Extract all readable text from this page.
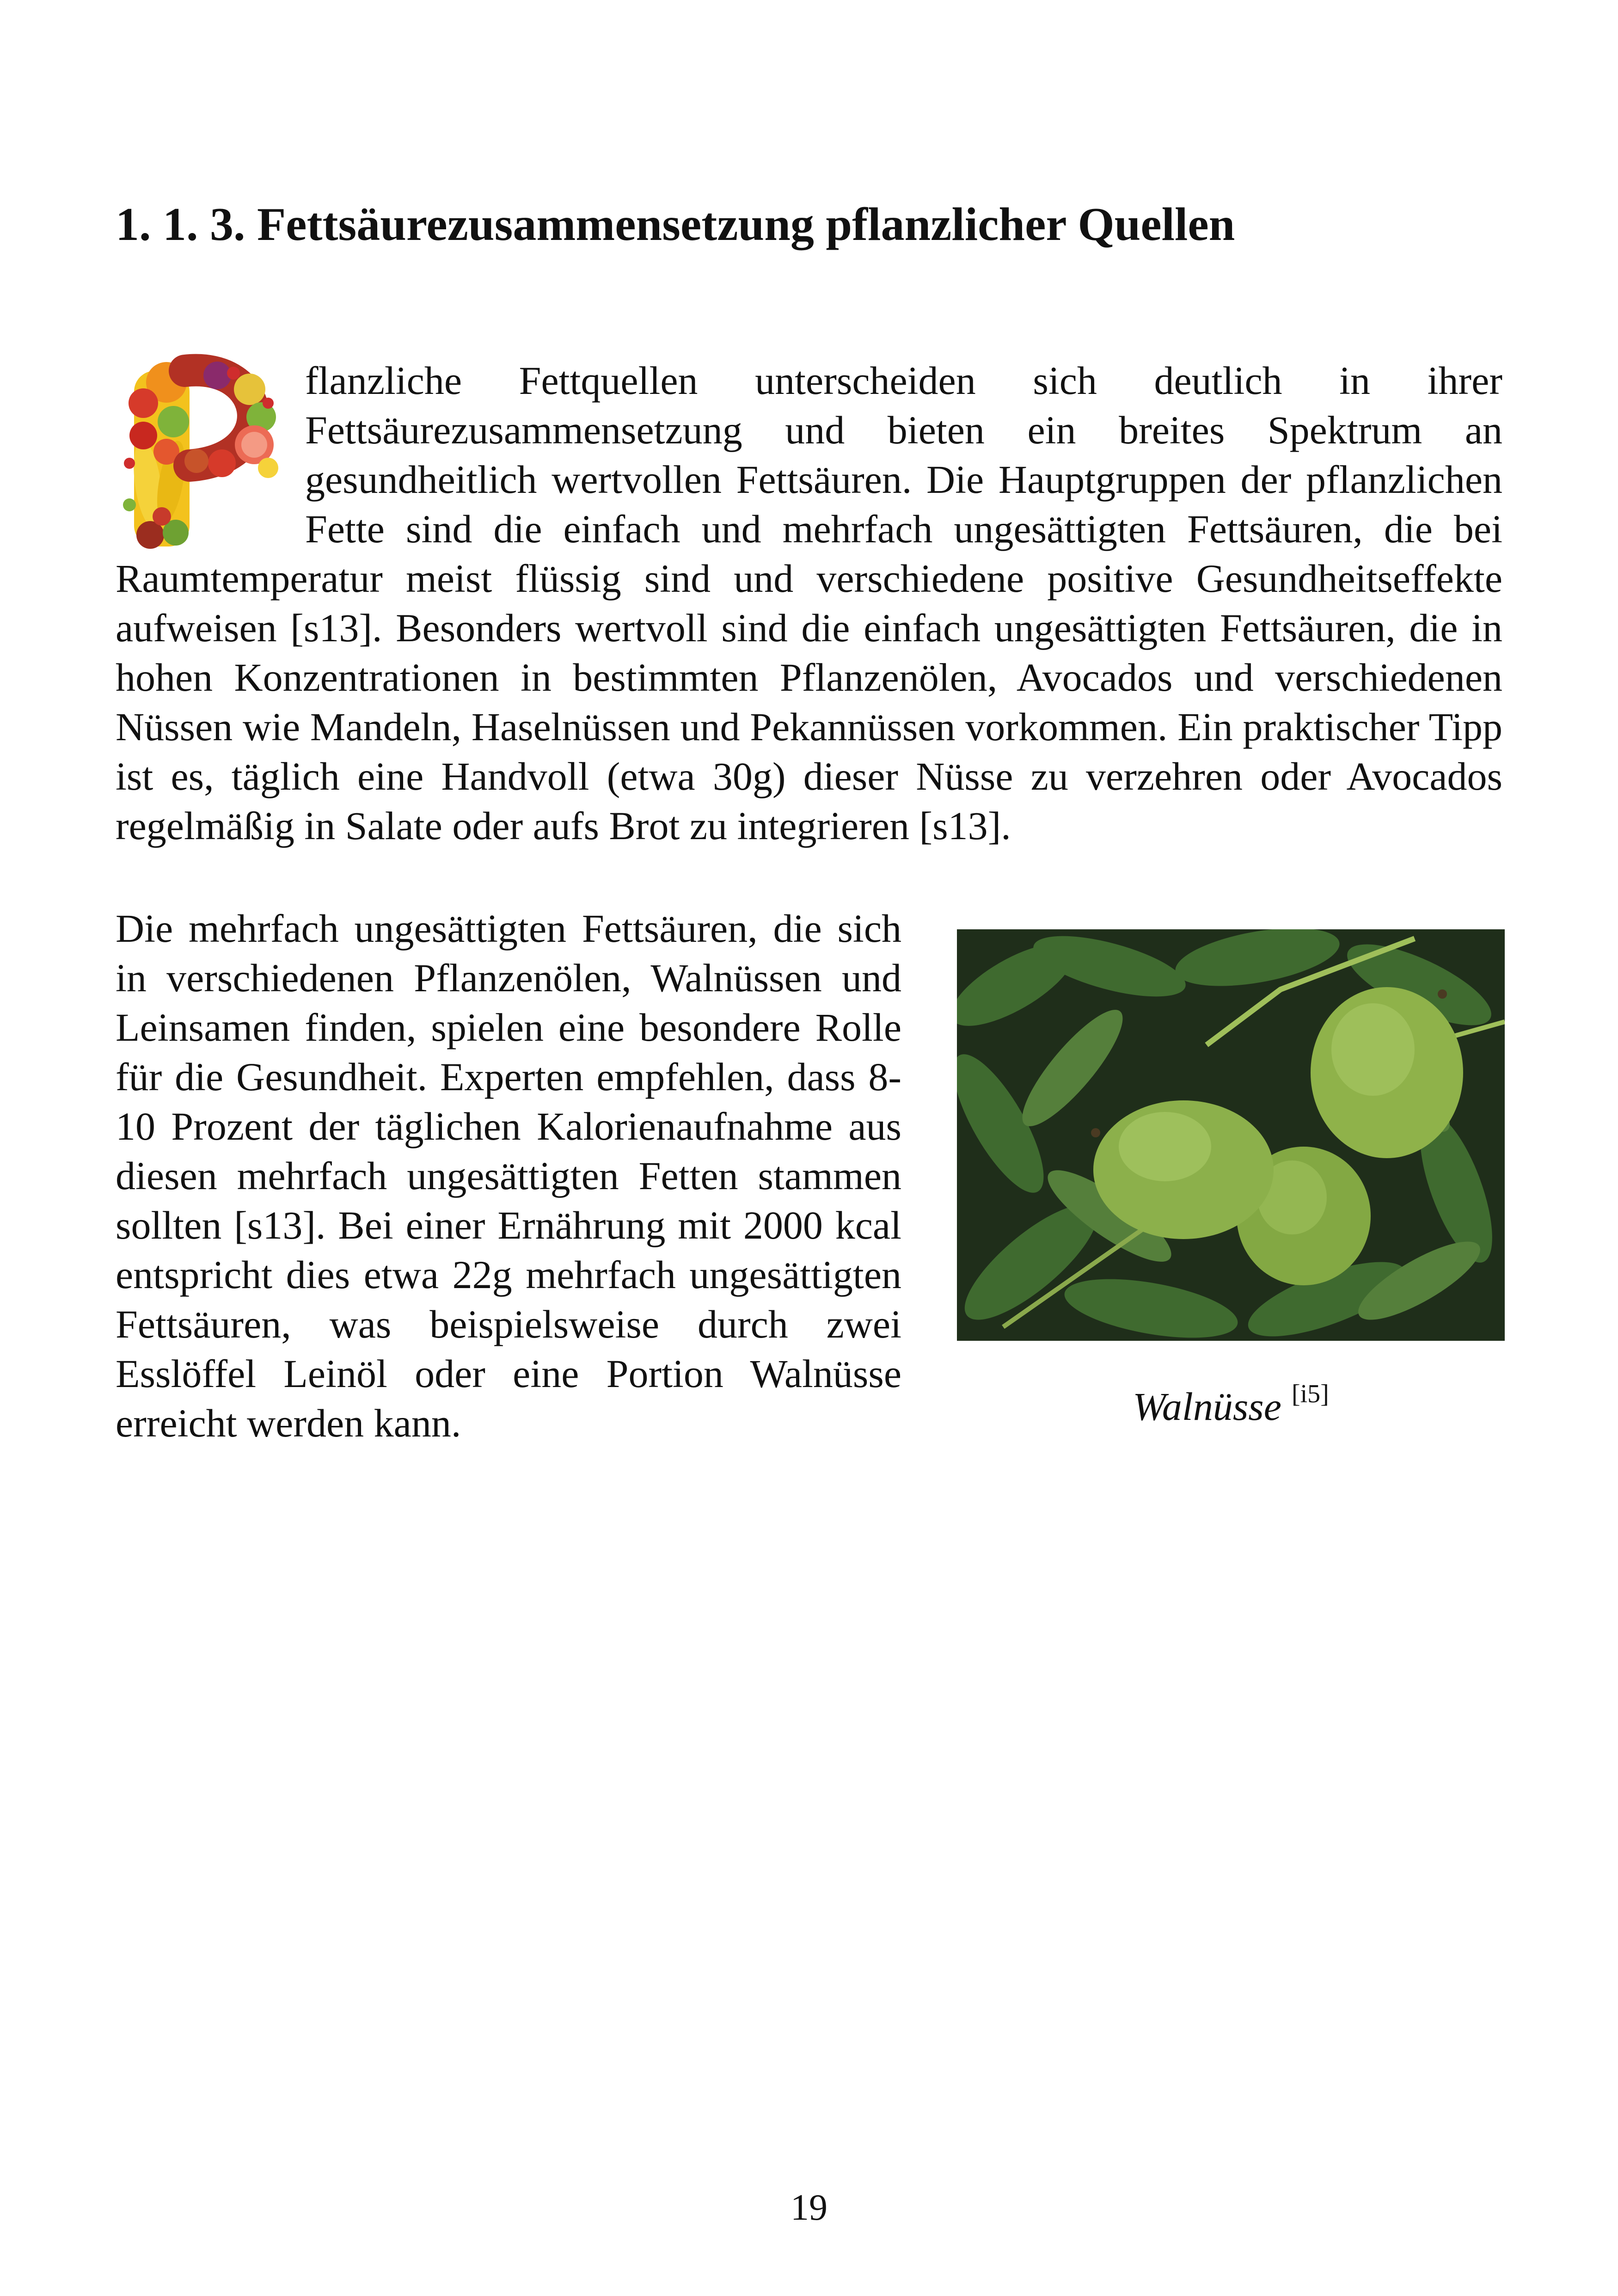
1. 1. 3. Fettsäurezusammensetzung pflanzlicher Quellen

flanzliche Fettquellen unterscheiden sich deutlich in ihrer Fettsäurezusammensetzung und bieten ein breites Spektrum an gesundheitlich wertvollen Fettsäuren. Die Hauptgruppen der pflanzlichen Fette sind die einfach und mehrfach ungesättigten Fettsäuren, die bei Raumtemperatur meist flüssig sind und verschiedene positive Gesundheitseffekte aufweisen [s13]. Besonders wertvoll sind die einfach ungesättigten Fettsäuren, die in hohen Konzentrationen in bestimmten Pflanzenölen, Avocados und verschiedenen Nüssen wie Mandeln, Haselnüssen und Pekannüssen vorkommen. Ein praktischer Tipp ist es, täglich eine Handvoll (etwa 30g) dieser Nüsse zu verzehren oder Avocados regelmäßig in Salate oder aufs Brot zu integrieren [s13].

Die mehrfach ungesättigten Fettsäuren, die sich in verschiedenen Pflanzenölen, Walnüssen und Leinsamen finden, spielen eine besondere Rolle für die Gesundheit. Experten empfehlen, dass 8-10 Prozent der täglichen Kalorienaufnahme aus diesen mehrfach ungesättigten Fetten stammen sollten [s13]. Bei einer Ernährung mit 2000 kcal entspricht dies etwa 22g mehrfach ungesättigten Fettsäuren, was beispielsweise durch zwei Esslöffel Leinöl oder eine Portion Walnüsse erreicht werden kann.	Walnüsse [i5]
19
